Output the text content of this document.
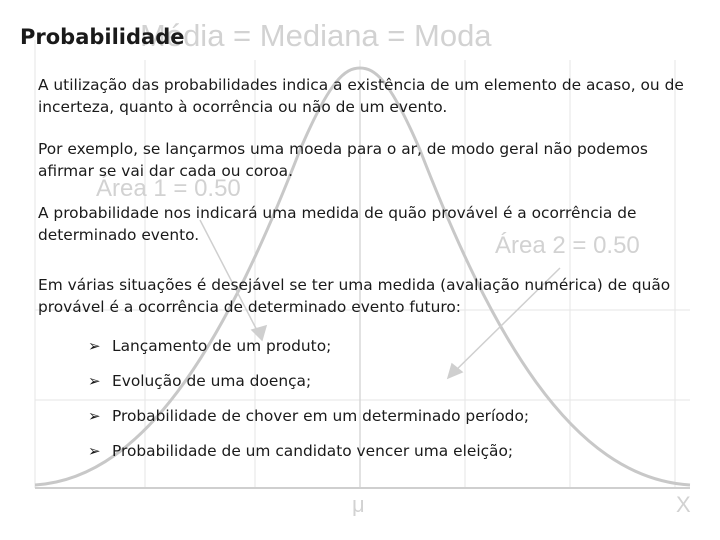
Média = Mediana = Moda
Área 1 = 0.50
Área 2 = 0.50
μ	X
Probabilidade

A utilização das probabilidades indica a existência de um elemento de acaso, ou de incerteza, quanto à ocorrência ou não de um evento.

Por exemplo, se lançarmos uma moeda para o ar, de modo geral não podemos afirmar se vai dar cada ou coroa.

A probabilidade nos indicará uma medida de quão provável é a ocorrência de determinado evento.

Em várias situações é desejável se ter uma medida (avaliação numérica) de quão provável é a ocorrência de determinado evento futuro:

➢ Lançamento de um produto;
➢ Evolução de uma doença;
➢ Probabilidade de chover em um determinado período;
➢ Probabilidade de um candidato vencer uma eleição;
